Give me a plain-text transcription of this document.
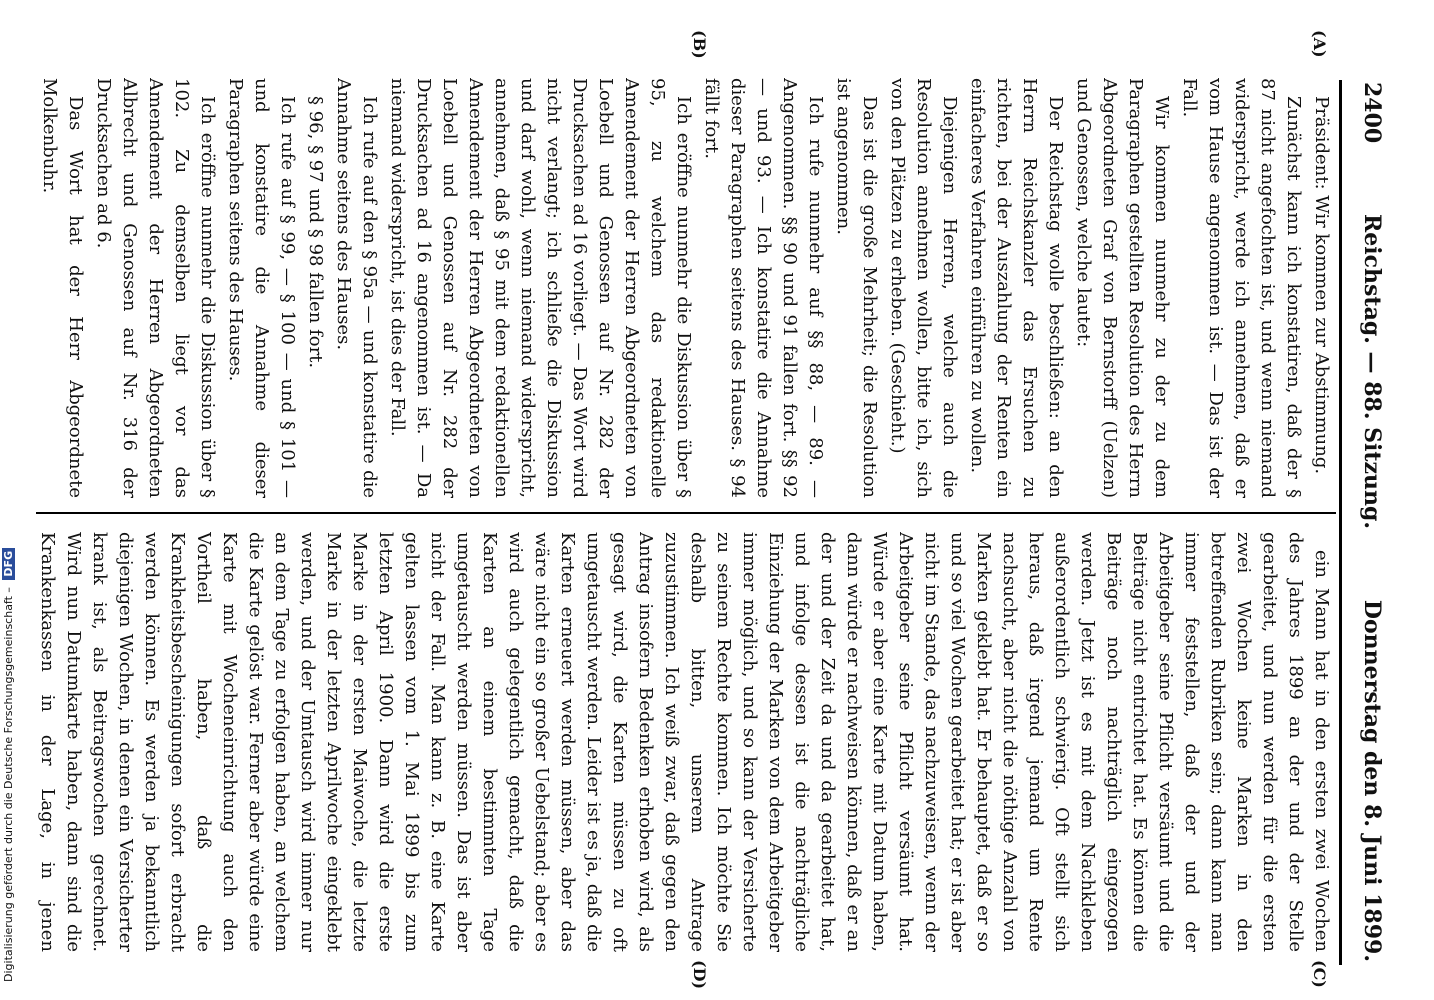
2400
Reichstag. — 88. Sitzung.
Donnerstag den 8. Juni 1899.
(A)
(B)
(C)
(D)

Präsident: Wir kommen zur Abstimmung.

Zunächst kann ich konstatiren, daß der § 87 nicht angefochten ist, und wenn niemand widerspricht, werde ich annehmen, daß er vom Hause angenommen ist. — Das ist der Fall.

Wir kommen nunmehr zu der zu dem Paragraphen gestellten Resolution des Herrn Abgeordneten Graf von Bernstorff (Uelzen) und Genossen, welche lautet:

Der Reichstag wolle beschließen: an den Herrn Reichskanzler das Ersuchen zu richten, bei der Auszahlung der Renten ein einfacheres Verfahren einführen zu wollen.

Diejenigen Herren, welche auch die Resolution annehmen wollen, bitte ich, sich von den Plätzen zu erheben. (Geschieht.)

Das ist die große Mehrheit; die Resolution ist angenommen.

Ich rufe nunmehr auf §§ 88, — 89. — Angenommen. §§ 90 und 91 fallen fort. §§ 92 — und 93. — Ich konstatire die Annahme dieser Paragraphen seitens des Hauses. § 94 fällt fort.

Ich eröffne nunmehr die Diskussion über § 95, zu welchem das redaktionelle Amendement der Herren Abgeordneten von Loebell und Genossen auf Nr. 282 der Drucksachen ad 16 vorliegt. — Das Wort wird nicht verlangt; ich schließe die Diskussion und darf wohl, wenn niemand widerspricht, annehmen, daß § 95 mit dem redaktionellen Amendement der Herren Abgeordneten von Loebell und Genossen auf Nr. 282 der Drucksachen ad 16 angenommen ist. — Da niemand widerspricht, ist dies der Fall.

Ich rufe auf den § 95a — und konstatire die Annahme seitens des Hauses.

§ 96, § 97 und § 98 fallen fort.

Ich rufe auf § 99, — § 100 — und § 101 — und konstatire die Annahme dieser Paragraphen seitens des Hauses.

Ich eröffne nunmehr die Diskussion über § 102. Zu demselben liegt vor das Amendement der Herren Abgeordneten Albrecht und Genossen auf Nr. 316 der Drucksachen ad 6.

Das Wort hat der Herr Abgeordnete Molkenbuhr.

ein Mann hat in den ersten zwei Wochen des Jahres 1899 an der und der Stelle gearbeitet, und nun werden für die ersten zwei Wochen keine Marken in den betreffenden Rubriken sein; dann kann man immer feststellen, daß der und der Arbeitgeber seine Pflicht versäumt und die Beiträge nicht entrichtet hat. Es können die Beiträge noch nachträglich eingezogen werden. Jetzt ist es mit dem Nachkleben außerordentlich schwierig. Oft stellt sich heraus, daß irgend jemand um Rente nachsucht, aber nicht die nöthige Anzahl von Marken geklebt hat. Er behauptet, daß er so und so viel Wochen gearbeitet hat; er ist aber nicht im Stande, das nachzuweisen, wenn der Arbeitgeber seine Pflicht versäumt hat. Würde er aber eine Karte mit Datum haben, dann würde er nachweisen können, daß er an der und der Zeit da und da gearbeitet hat, und infolge dessen ist die nachträgliche Einziehung der Marken von dem Arbeitgeber immer möglich, und so kann der Versicherte zu seinem Rechte kommen. Ich möchte Sie deshalb bitten, unserem Antrage zuzustimmen. Ich weiß zwar, daß gegen den Antrag insofern Bedenken erhoben wird, als gesagt wird, die Karten müssen zu oft umgetauscht werden. Leider ist es ja, daß die Karten erneuert werden müssen, aber das wäre nicht ein so großer Uebelstand; aber es wird auch gelegentlich gemacht, daß die Karten an einem bestimmten Tage umgetauscht werden müssen. Das ist aber nicht der Fall. Man kann z. B. eine Karte gelten lassen vom 1. Mai 1899 bis zum letzten April 1900. Dann wird die erste Marke in der ersten Maiwoche, die letzte Marke in der letzten Aprilwoche eingeklebt werden, und der Umtausch wird immer nur an dem Tage zu erfolgen haben, an welchem die Karte gelöst war. Ferner aber würde eine Karte mit Wocheneinrichtung auch den Vortheil haben, daß die Krankheitsbescheinigungen sofort erbracht werden können. Es werden ja bekanntlich diejenigen Wochen, in denen ein Versicherter krank ist, als Beitragswochen gerechnet. Wird nun Datumkarte haben, dann sind die Krankenkassen in der Lage, in jenen

Digitalisierung gefördert durch die Deutsche Forschungsgemeinschaft – DFG
